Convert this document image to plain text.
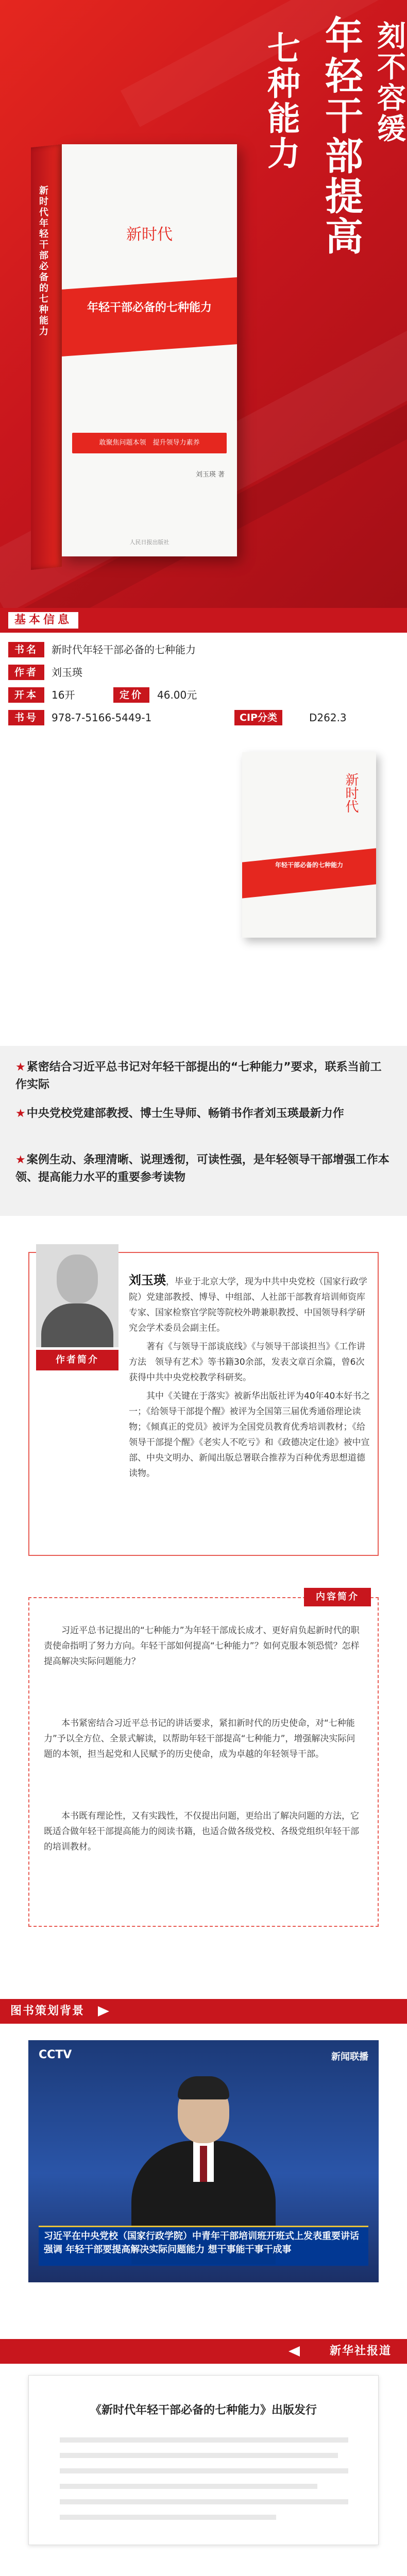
年轻干部提高
七种能力	刻不容缓
新时代年轻干部必备的七种能力	新时代
年轻干部必备的七种能力
敢聚焦问题本领　 提升领导力素养
刘玉瑛 著
人民日报出版社
基本信息
书名	新时代年轻干部必备的七种能力
作者	刘玉瑛
开本	16开	定价	46.00元
书号	978-7-5166-5449-1	CIP分类	D262.3
新时代
年轻干部必备的七种能力
★紧密结合习近平总书记对年轻干部提出的“七种能力”要求，联系当前工作实际
★中央党校党建部教授、博士生导师、畅销书作者刘玉瑛最新力作
★案例生动、条理清晰、说理透彻，可读性强，是年轻领导干部增强工作本领、提高能力水平的重要参考读物
作者简介

刘玉瑛，毕业于北京大学，现为中共中央党校（国家行政学院）党建部教授、博导、中组部、人社部干部教育培训师资库专家、国家检察官学院等院校外聘兼职教授、中国领导科学研究会学术委员会副主任。

著有《与领导干部谈底线》《与领导干部谈担当》《工作讲方法　领导有艺术》等书籍30余部，发表文章百余篇，曾6次获得中共中央党校教学科研奖。

其中《关键在于落实》被新华出版社评为40年40本好书之一；《给领导干部提个醒》被评为全国第三届优秀通俗理论读物；《倾真正的党员》被评为全国党员教育优秀培训教材；《给领导干部提个醒》《老实人不吃亏》和《政德决定仕途》被中宣部、中央文明办、新闻出版总署联合推荐为百种优秀思想道德读物。

内容简介
习近平总书记提出的“七种能力”为年轻干部成长成才、更好肩负起新时代的职责使命指明了努力方向。年轻干部如何提高“七种能力”？如何克服本领恐慌？怎样提高解决实际问题能力？
本书紧密结合习近平总书记的讲话要求，紧扣新时代的历史使命，对“七种能力”予以全方位、全景式解读，以帮助年轻干部提高“七种能力”，增强解决实际问题的本领，担当起党和人民赋予的历史使命，成为卓越的年轻领导干部。
本书既有理论性，又有实践性，不仅提出问题，更给出了解决问题的方法，它既适合做年轻干部提高能力的阅读书籍，也适合做各级党校、各级党组织年轻干部的培训教材。
图书策划背景
CCTV	新闻联播
习近平在中央党校（国家行政学院）中青年干部培训班开班式上发表重要讲话强调 年轻干部要提高解决实际问题能力 想干事能干事干成事
新华社报道
《新时代年轻干部必备的七种能力》出版发行
